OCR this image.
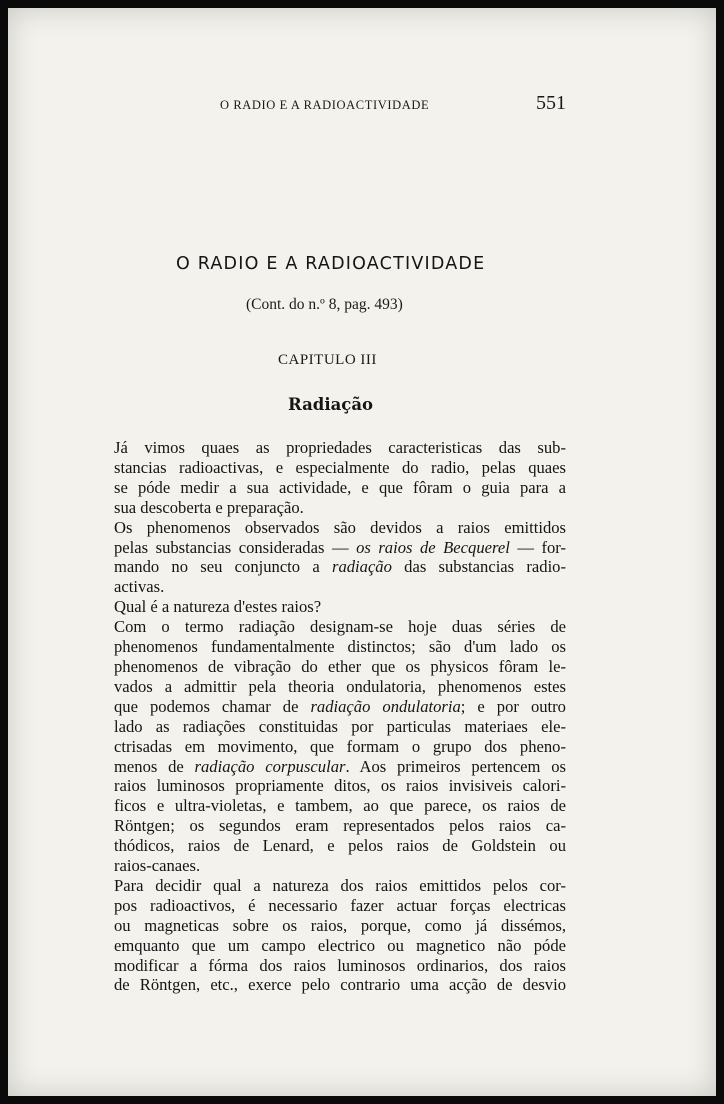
O RADIO E A RADIOACTIVIDADE	551
O RADIO E A RADIOACTIVIDADE
(Cont. do n.º 8, pag. 493)
CAPITULO III
Radiação

Já vimos quaes as propriedades caracteristicas das sub-
stancias radioactivas, e especialmente do radio, pelas quaes
se póde medir a sua actividade, e que fôram o guia para a
sua descoberta e preparação.

Os phenomenos observados são devidos a raios emittidos
pelas substancias consideradas — os raios de Becquerel — for-
mando no seu conjuncto a radiação das substancias radio-
activas.

Qual é a natureza d'estes raios?

Com o termo radiação designam-se hoje duas séries de
phenomenos fundamentalmente distinctos; são d'um lado os
phenomenos de vibração do ether que os physicos fôram le-
vados a admittir pela theoria ondulatoria, phenomenos estes
que podemos chamar de radiação ondulatoria; e por outro
lado as radiações constituidas por particulas materiaes ele-
ctrisadas em movimento, que formam o grupo dos pheno-
menos de radiação corpuscular. Aos primeiros pertencem os
raios luminosos propriamente ditos, os raios invisiveis calori-
ficos e ultra-violetas, e tambem, ao que parece, os raios de
Röntgen; os segundos eram representados pelos raios ca-
thódicos, raios de Lenard, e pelos raios de Goldstein ou
raios-canaes.

Para decidir qual a natureza dos raios emittidos pelos cor-
pos radioactivos, é necessario fazer actuar forças electricas
ou magneticas sobre os raios, porque, como já dissémos,
emquanto que um campo electrico ou magnetico não póde
modificar a fórma dos raios luminosos ordinarios, dos raios
de Röntgen, etc., exerce pelo contrario uma acção de desvio
